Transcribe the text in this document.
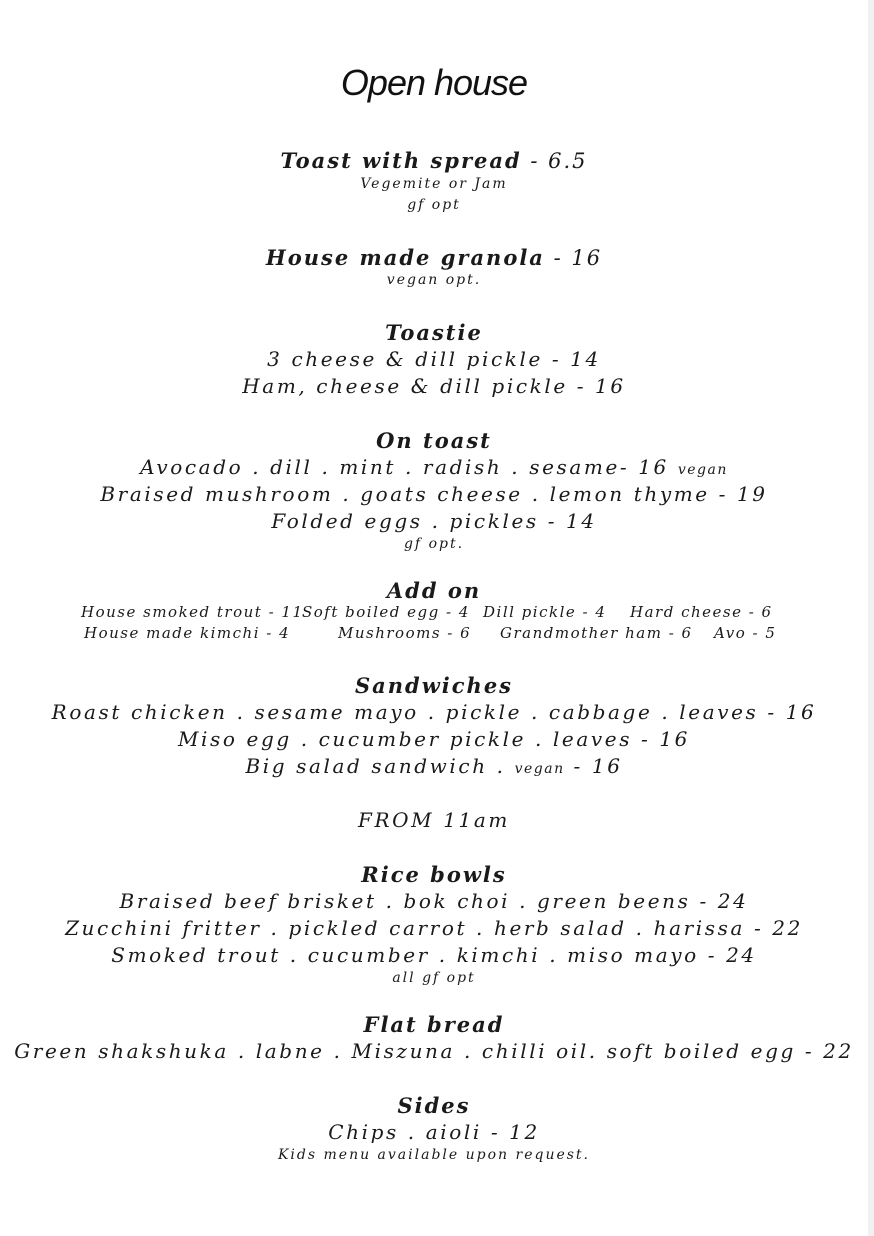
Open house
Toast with spread - 6.5
Vegemite or Jam
gf opt
House made granola - 16
vegan opt.
Toastie
3 cheese & dill pickle - 14
Ham, cheese & dill pickle - 16
On toast
Avocado . dill . mint . radish . sesame- 16 vegan
Braised mushroom . goats cheese . lemon thyme - 19
Folded eggs . pickles - 14
gf opt.
Add on
House smoked trout - 11
Soft boiled egg - 4 Dill pickle - 4 Hard cheese - 6
House made kimchi - 4	Mushrooms - 6 Grandmother ham - 6 Avo - 5
Sandwiches
Roast chicken . sesame mayo . pickle . cabbage . leaves - 16
Miso egg . cucumber pickle . leaves - 16
Big salad sandwich . vegan - 16
FROM 11am
Rice bowls
Braised beef brisket . bok choi . green beens - 24
Zucchini fritter . pickled carrot . herb salad . harissa - 22
Smoked trout . cucumber . kimchi . miso mayo - 24
all gf opt
Flat bread
Green shakshuka . labne . Miszuna . chilli oil. soft boiled egg - 22
Sides
Chips . aioli - 12
Kids menu available upon request.
